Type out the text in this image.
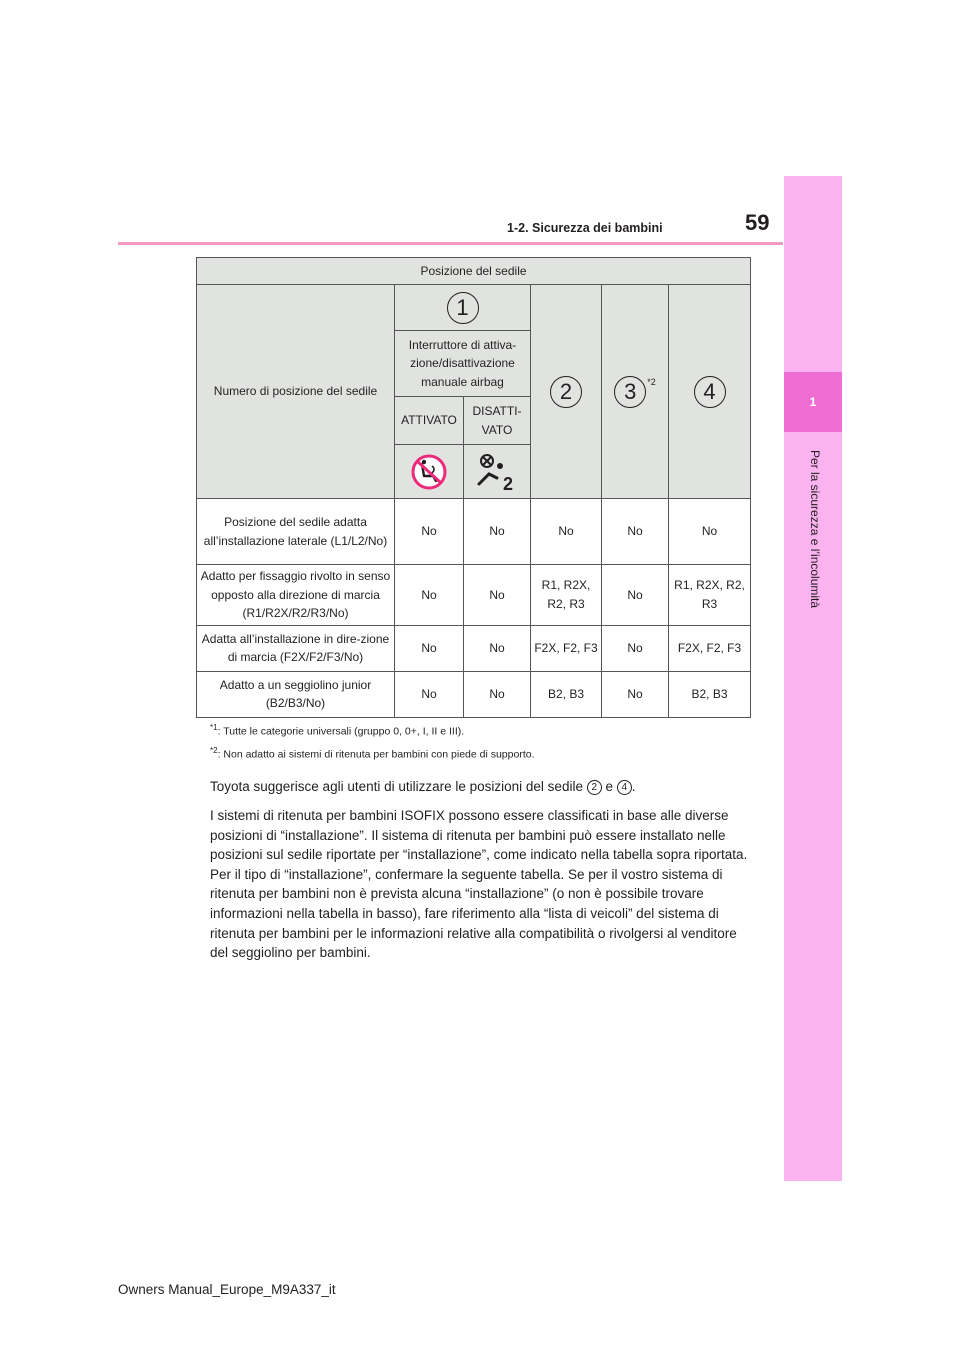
59
1-2. Sicurezza dei bambini
1
Per la sicurezza e l’incolumità
Posizione del sedile					
Numero di posizione del sedile	1		2	3 $^{*2}$	4
	Interruttore di attiva-zione/disattivazione manuale airbag				
	ATTIVATO	DISATTI-VATO			

2			

Posizione del sedile adatta all’installazione laterale (L1/L2/No)	No	No	No	No	No
Adatto per fissaggio rivolto in senso opposto alla direzione di marcia (R1/R2X/R2/R3/No)	No	No	R1, R2X, R2, R3	No	R1, R2X, R2, R3
Adatta all’installazione in dire-zione di marcia (F2X/F2/F3/No)	No	No	F2X, F2, F3	No	F2X, F2, F3
Adatto a un seggiolino junior (B2/B3/No)	No	No	B2, B3	No	B2, B3
$^{*1}$: Tutte le categorie universali (gruppo 0, 0+, I, II e III).
$^{*2}$: Non adatto ai sistemi di ritenuta per bambini con piede di supporto.

Toyota suggerisce agli utenti di utilizzare le posizioni del sedile 2 e 4 .

I sistemi di ritenuta per bambini ISOFIX possono essere classificati in base alle diverse posizioni di “installazione”. Il sistema di ritenuta per bambini può essere installato nelle posizioni sul sedile riportate per “installazione”, come indicato nella tabella sopra riportata. Per il tipo di “installazione”, confermare la seguente tabella. Se per il vostro sistema di ritenuta per bambini non è prevista alcuna “installazione” (o non è possibile trovare informazioni nella tabella in basso), fare riferimento alla “lista di veicoli” del sistema di ritenuta per bambini per le informazioni relative alla compatibilità o rivolgersi al venditore del seggiolino per bambini.

Owners Manual_Europe_M9A337_it
